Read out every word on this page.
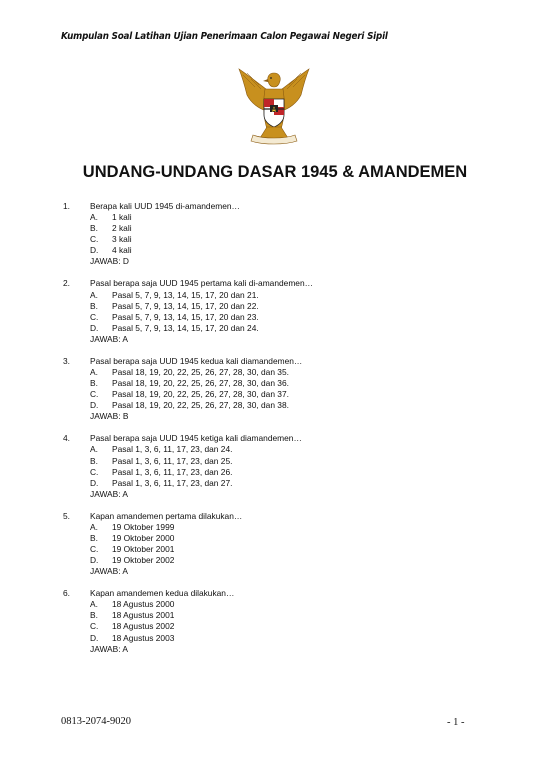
Kumpulan Soal Latihan Ujian Penerimaan Calon Pegawai Negeri Sipil
UNDANG-UNDANG DASAR 1945 & AMANDEMEN
1.	Berapa kali UUD 1945 di-amandemen…
A.	1 kali
B.	2 kali
C.	3 kali
D.	4 kali
JAWAB: D
2.	Pasal berapa saja UUD 1945 pertama kali di-amandemen…
A.	Pasal 5, 7, 9, 13, 14, 15, 17, 20 dan 21.
B.	Pasal 5, 7, 9, 13, 14, 15, 17, 20 dan 22.
C.	Pasal 5, 7, 9, 13, 14, 15, 17, 20 dan 23.
D.	Pasal 5, 7, 9, 13, 14, 15, 17, 20 dan 24.
JAWAB: A
3.	Pasal berapa saja UUD 1945 kedua kali diamandemen…
A.	Pasal 18, 19, 20, 22, 25, 26, 27, 28, 30, dan 35.
B.	Pasal 18, 19, 20, 22, 25, 26, 27, 28, 30, dan 36.
C.	Pasal 18, 19, 20, 22, 25, 26, 27, 28, 30, dan 37.
D.	Pasal 18, 19, 20, 22, 25, 26, 27, 28, 30, dan 38.
JAWAB: B
4.	Pasal berapa saja UUD 1945 ketiga kali diamandemen…
A.	Pasal 1, 3, 6, 11, 17, 23, dan 24.
B.	Pasal 1, 3, 6, 11, 17, 23, dan 25.
C.	Pasal 1, 3, 6, 11, 17, 23, dan 26.
D.	Pasal 1, 3, 6, 11, 17, 23, dan 27.
JAWAB: A
5.	Kapan amandemen pertama dilakukan…
A.	19 Oktober 1999
B.	19 Oktober 2000
C.	19 Oktober 2001
D.	19 Oktober 2002
JAWAB: A
6.	Kapan amandemen kedua dilakukan…
A.	18 Agustus 2000
B.	18 Agustus 2001
C.	18 Agustus 2002
D.	18 Agustus 2003
JAWAB: A
0813-2074-9020	- 1 -
